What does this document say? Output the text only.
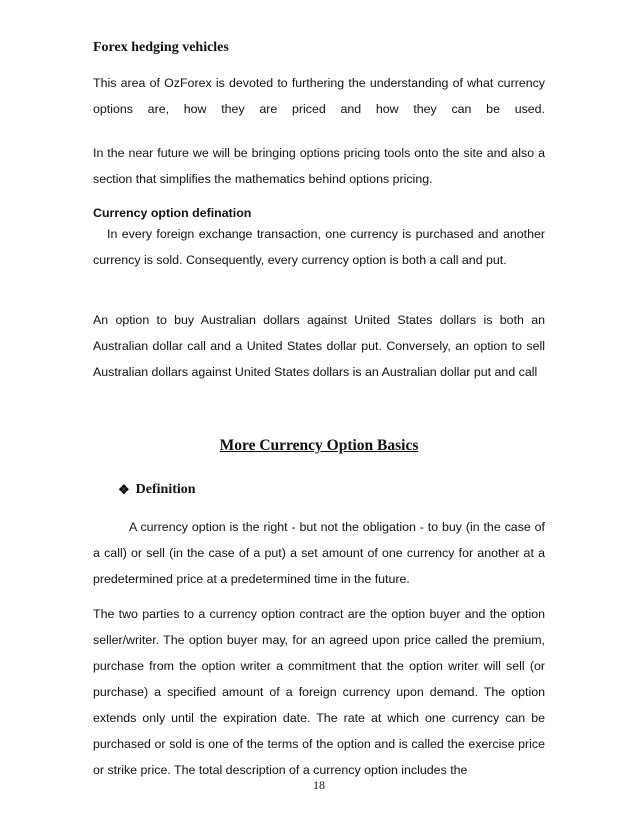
Forex hedging vehicles
This area of OzForex is devoted to furthering the understanding of what currency
options are, how they are priced and how they can be used.
In the near future we will be bringing options pricing tools onto the site and also a section that simplifies the mathematics behind options pricing.
Currency option defination
In every foreign exchange transaction, one currency is purchased and another currency is sold. Consequently, every currency option is both a call and put.
An option to buy Australian dollars against United States dollars is both an Australian dollar call and a United States dollar put. Conversely, an option to sell Australian dollars against United States dollars is an Australian dollar put and call
More Currency Option Basics
❖ Definition
A currency option is the right - but not the obligation - to buy (in the case of a call) or sell (in the case of a put) a set amount of one currency for another at a predetermined price at a predetermined time in the future.
The two parties to a currency option contract are the option buyer and the option seller/writer. The option buyer may, for an agreed upon price called the premium, purchase from the option writer a commitment that the option writer will sell (or purchase) a specified amount of a foreign currency upon demand. The option extends only until the expiration date. The rate at which one currency can be purchased or sold is one of the terms of the option and is called the exercise price or strike price. The total description of a currency option includes the
18
